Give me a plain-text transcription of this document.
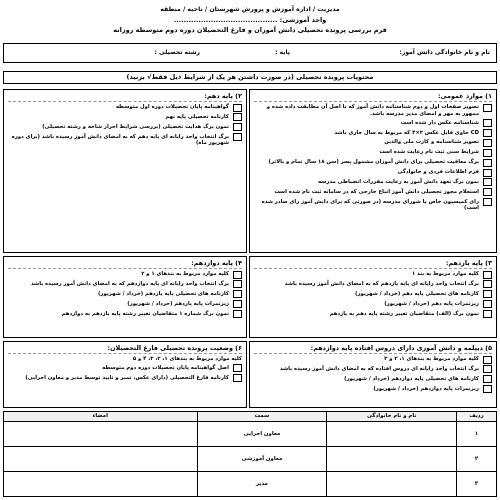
مدیریت / اداره آموزش و پرورش شهرستان / ناحیه / منطقه
واحد آموزشی: ..........................................
فرم بررسی پرونده تحصیلی دانش آموزان و فارغ التحصیلان دوره دوم متوسطه روزانه
نام و نام خانوادگی دانش آموز:
پایه :
رشته تحصیلی :
محتویات پرونده تحصیلی (در صورت داشتن هر یک از شرایط ذیل فقط√ بزنید)
۱) موارد عمومی:
تصویر صفحات اول و دوم شناسنامه دانش آموز که با اصل آن مطابقت داده شده و ممهور به مهر و امضای مدیر مدرسه باشد.
شناسنامه عکس دار شده است
CD حاوی فایل عکس ۳×۴ که مربوط به سال جاری باشد
تصویر شناسنامه و کارت ملی والدین
شرایط سنی ثبت نام رعایت شده است
برگ معافیت تحصیلی برای دانش آموزان مشمول پسر (سن ۱۸ سال تمام و بالاتر)
فرم اطلاعات فردی و خانوادگی
نمون برگ تعهد دانش آموز به رعایت مقررات انضباطی مدرسه
استعلام مجوز تحصیلی دانش آموز اتباع خارجی که در سامانه ثبت نام شده است
رای کمیسیون خاص یا شورای مدرسه (در صورتی که برای دانش آموز رای صادر شده است)
۲) پایه دهم:
گواهینامه پایان تحصیلات دوره اول متوسطه
کارنامه تحصیلی پایه نهم
نمون برگ هدایت تحصیلی (بررسی شرایط احراز شاخه و رشته تحصیلی)
برگ انتخاب واحد رایانه ای پایه دهم که به امضای دانش آموز رسیده باشد (برای دوره شهریور ماه)
۳) پایه یازدهم:
کلیه موارد مربوط به بند ۱
برگ انتخاب واحد رایانه ای پایه یازدهم که به امضای دانش آموز رسیده باشد
کارنامه های تحصیلی پایه دهم (خرداد / شهریور)
ریزنمرات پایه دهم (خرداد / شهریور)
نمون برگ (الف) متقاضیان تغییر رشته پایه دهم به یازدهم
۴) پایه دوازدهم:
کلیه موارد مربوط به بندهای ۱ و ۲
برگ انتخاب واحد رایانه ای پایه دوازدهم که به امضای دانش آموز رسیده باشد
کارنامه های تحصیلی پایه یازدهم (خرداد / شهریور)
ریزنمرات پایه یازدهم (خرداد / شهریور)
نمون برگ شماره ۱ متقاضیان تغییر رشته پایه یازدهم به دوازدهم
۵) دیپلمه و دانش آموزی دارای دروس افتاده پایه دوازدهم:
کلیه موارد مربوط به بندهای ۱، ۲ و ۳
برگ انتخاب واحد رایانه ای دروس افتاده که به امضای دانش آموز رسیده باشد
کارنامه های تحصیلی پایه دوازدهم (خرداد / شهریور)
ریزنمرات پایه دوازدهم (خرداد / شهریور)
۶) وضعیت پرونده تحصیلی فارغ التحصیلان:
کلیه موارد مربوط به بندهای ۱، ۲، ۳، ۴ و ۵
اصل گواهینامه پایان تحصیلات دوره دوم متوسطه
کارنامه فارغ التحصیلی (دارای عکس، تمبر و تایید توسط مدیر و معاون اجرایی)
ردیف	نام و نام خانوادگی	سمت	امضاء
۱		معاون اجرایی	
۲		معاون آموزشی	
۳		مدیر	
